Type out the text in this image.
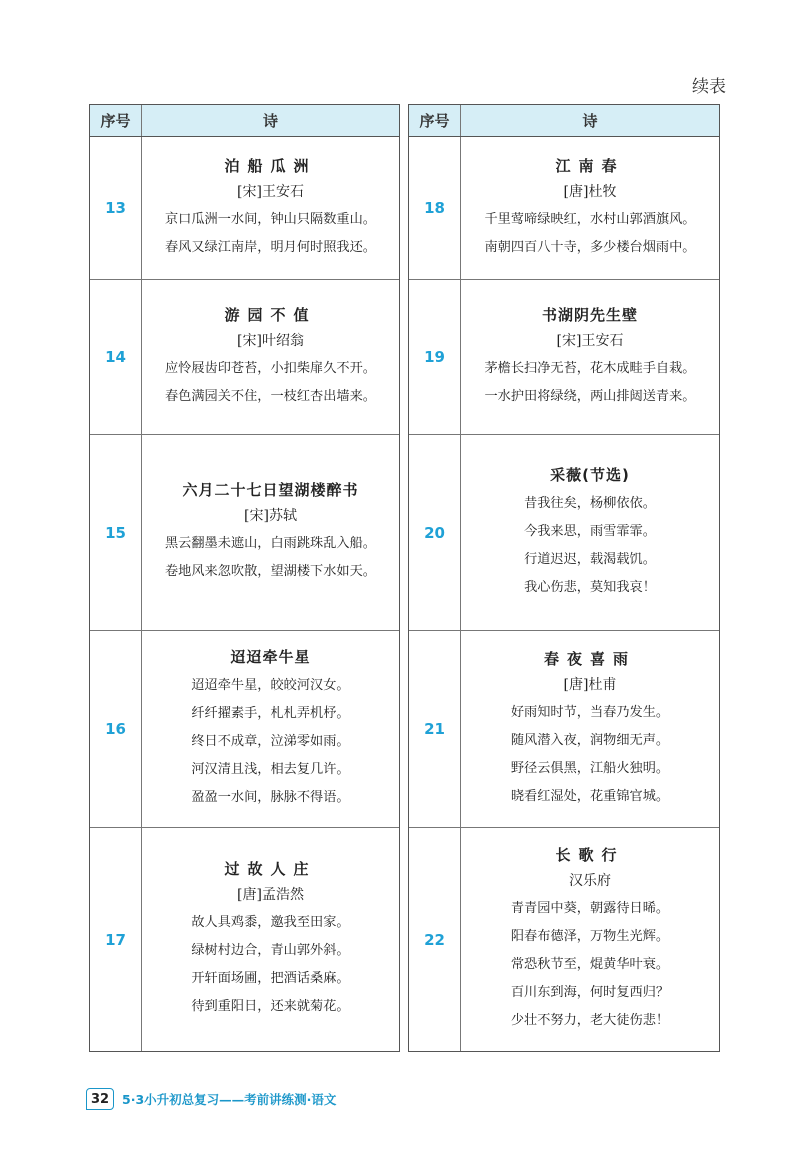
续表
序号	诗
13
泊船瓜洲
[宋]王安石
京口瓜洲一水间，钟山只隔数重山。
春风又绿江南岸，明月何时照我还。
14
游园不值
[宋]叶绍翁
应怜屐齿印苍苔，小扣柴扉久不开。
春色满园关不住，一枝红杏出墙来。
15
六月二十七日望湖楼醉书
[宋]苏轼
黑云翻墨未遮山，白雨跳珠乱入船。
卷地风来忽吹散，望湖楼下水如天。
16
迢迢牵牛星
迢迢牵牛星，皎皎河汉女。
纤纤擢素手，札札弄机杼。
终日不成章，泣涕零如雨。
河汉清且浅，相去复几许。
盈盈一水间，脉脉不得语。
17
过故人庄
[唐]孟浩然
故人具鸡黍，邀我至田家。
绿树村边合，青山郭外斜。
开轩面场圃，把酒话桑麻。
待到重阳日，还来就菊花。
序号	诗
18
江南春
[唐]杜牧
千里莺啼绿映红，水村山郭酒旗风。
南朝四百八十寺，多少楼台烟雨中。
19
书湖阴先生壁
[宋]王安石
茅檐长扫净无苔，花木成畦手自栽。
一水护田将绿绕，两山排闼送青来。
20
采薇(节选)
昔我往矣，杨柳依依。
今我来思，雨雪霏霏。
行道迟迟，载渴载饥。
我心伤悲，莫知我哀！
21
春夜喜雨
[唐]杜甫
好雨知时节，当春乃发生。
随风潜入夜，润物细无声。
野径云俱黑，江船火独明。
晓看红湿处，花重锦官城。
22
长歌行
汉乐府
青青园中葵，朝露待日晞。
阳春布德泽，万物生光辉。
常恐秋节至，焜黄华叶衰。
百川东到海，何时复西归？
少壮不努力，老大徒伤悲！
32	5·3小升初总复习——考前讲练测·语文
